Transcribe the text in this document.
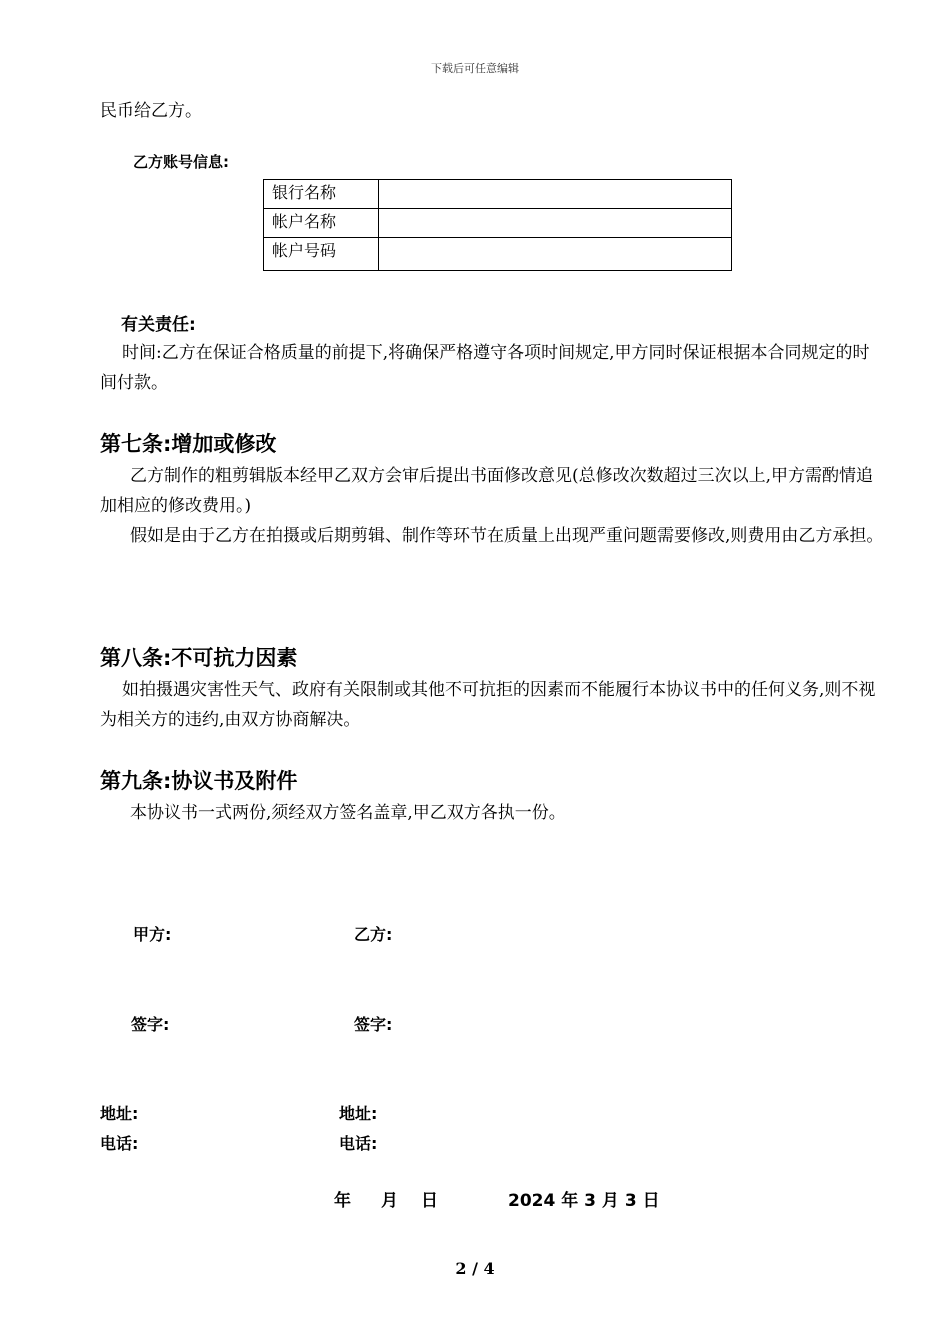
下载后可任意编辑
民币给乙方。
乙方账号信息:
银行名称	
帐户名称	
帐户号码	
有关责任:
时间:乙方在保证合格质量的前提下,将确保严格遵守各项时间规定,甲方同时保证根据本合同规定的时间付款。
第七条:增加或修改
乙方制作的粗剪辑版本经甲乙双方会审后提出书面修改意见(总修改次数超过三次以上,甲方需酌情追加相应的修改费用。)
假如是由于乙方在拍摄或后期剪辑、制作等环节在质量上出现严重问题需要修改,则费用由乙方承担。
第八条:不可抗力因素
如拍摄遇灾害性天气、政府有关限制或其他不可抗拒的因素而不能履行本协议书中的任何义务,则不视为相关方的违约,由双方协商解决。
第九条:协议书及附件
本协议书一式两份,须经双方签名盖章,甲乙双方各执一份。
甲方:	乙方:
签字:	签字:
地址:	地址:
电话:	电话:
年 月 日	2024 年 3 月 3 日
2 / 4
